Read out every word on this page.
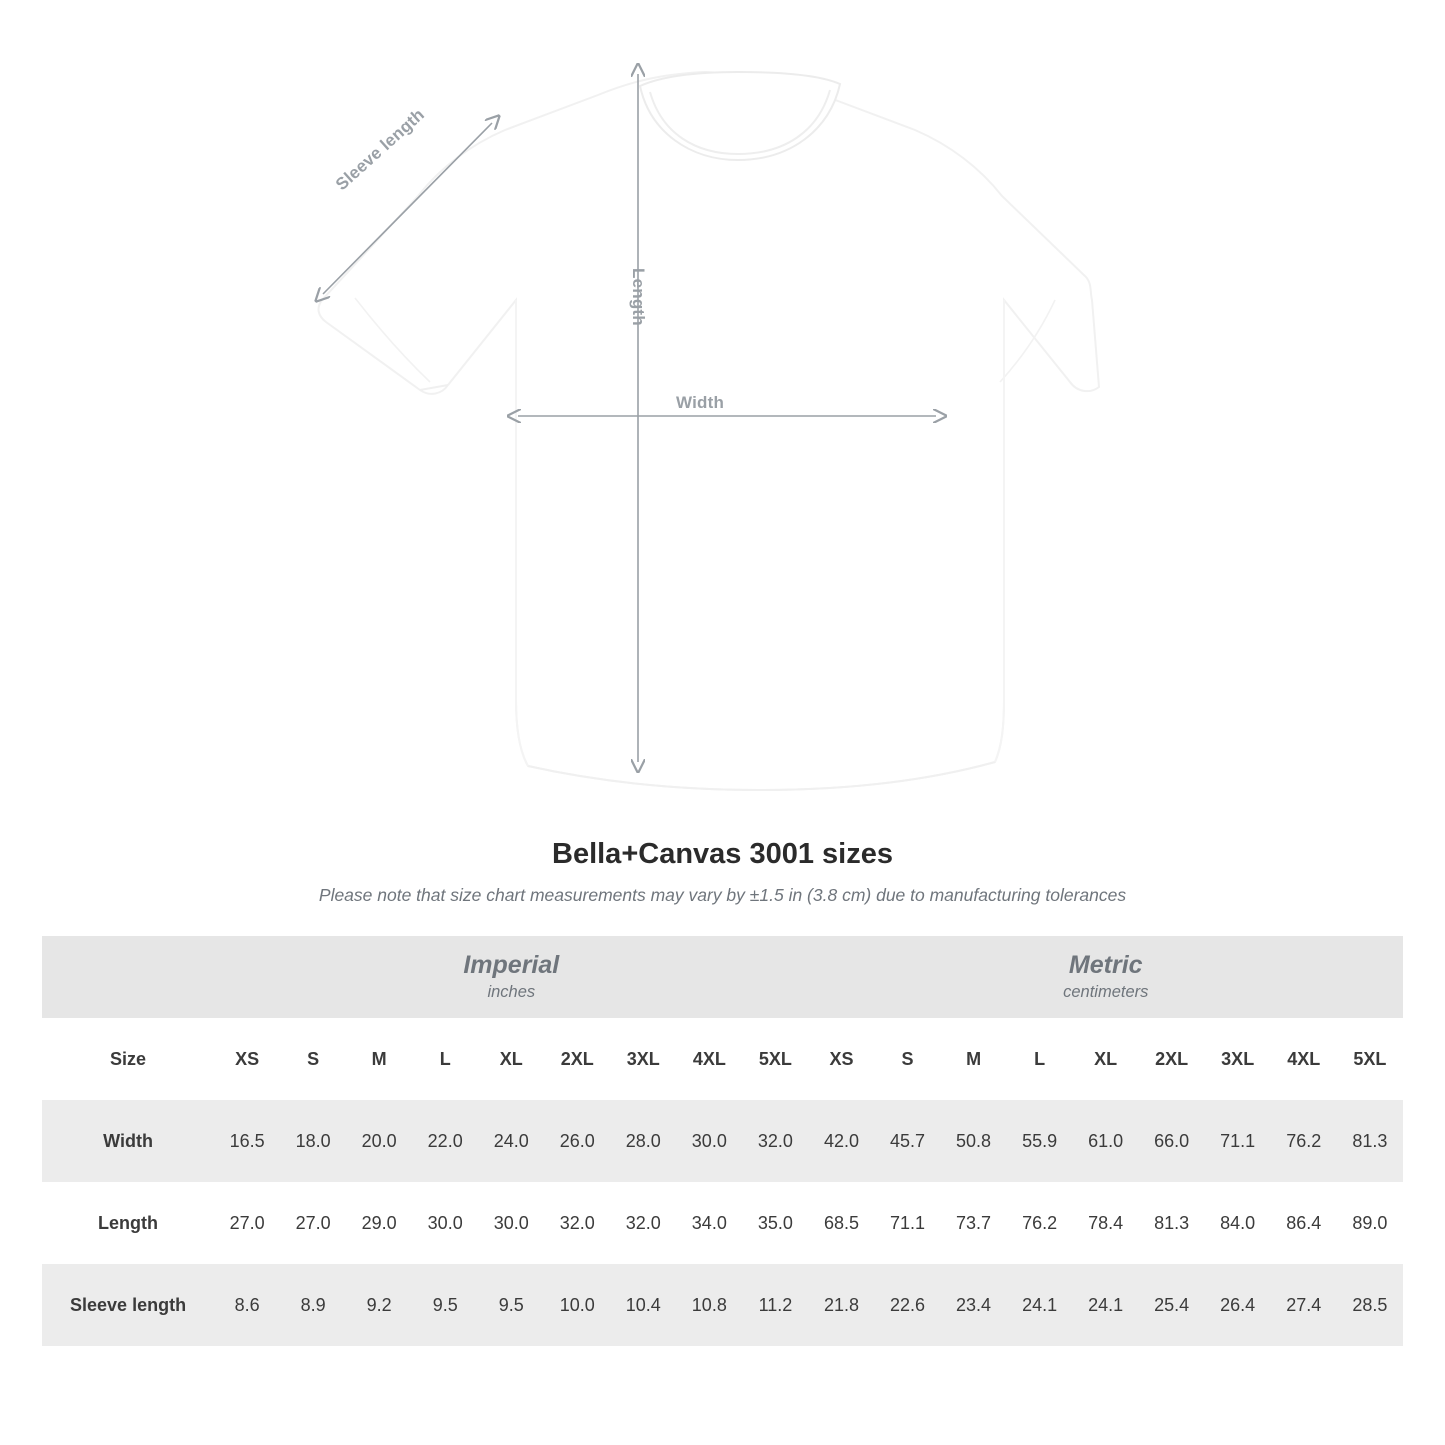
Sleeve length
Length
Width
Bella+Canvas 3001 sizes

Please note that size chart measurements may vary by ±1.5 in (3.8 cm) due to manufacturing tolerances

Imperial
inches

Metric
centimeters

Size	XS	S	M	L	XL	2XL	3XL	4XL	5XL	XS	S	M	L	XL	2XL	3XL	4XL	5XL
Width	16.5	18.0	20.0	22.0	24.0	26.0	28.0	30.0	32.0	42.0	45.7	50.8	55.9	61.0	66.0	71.1	76.2	81.3
Length	27.0	27.0	29.0	30.0	30.0	32.0	32.0	34.0	35.0	68.5	71.1	73.7	76.2	78.4	81.3	84.0	86.4	89.0
Sleeve length	8.6	8.9	9.2	9.5	9.5	10.0	10.4	10.8	11.2	21.8	22.6	23.4	24.1	24.1	25.4	26.4	27.4	28.5
